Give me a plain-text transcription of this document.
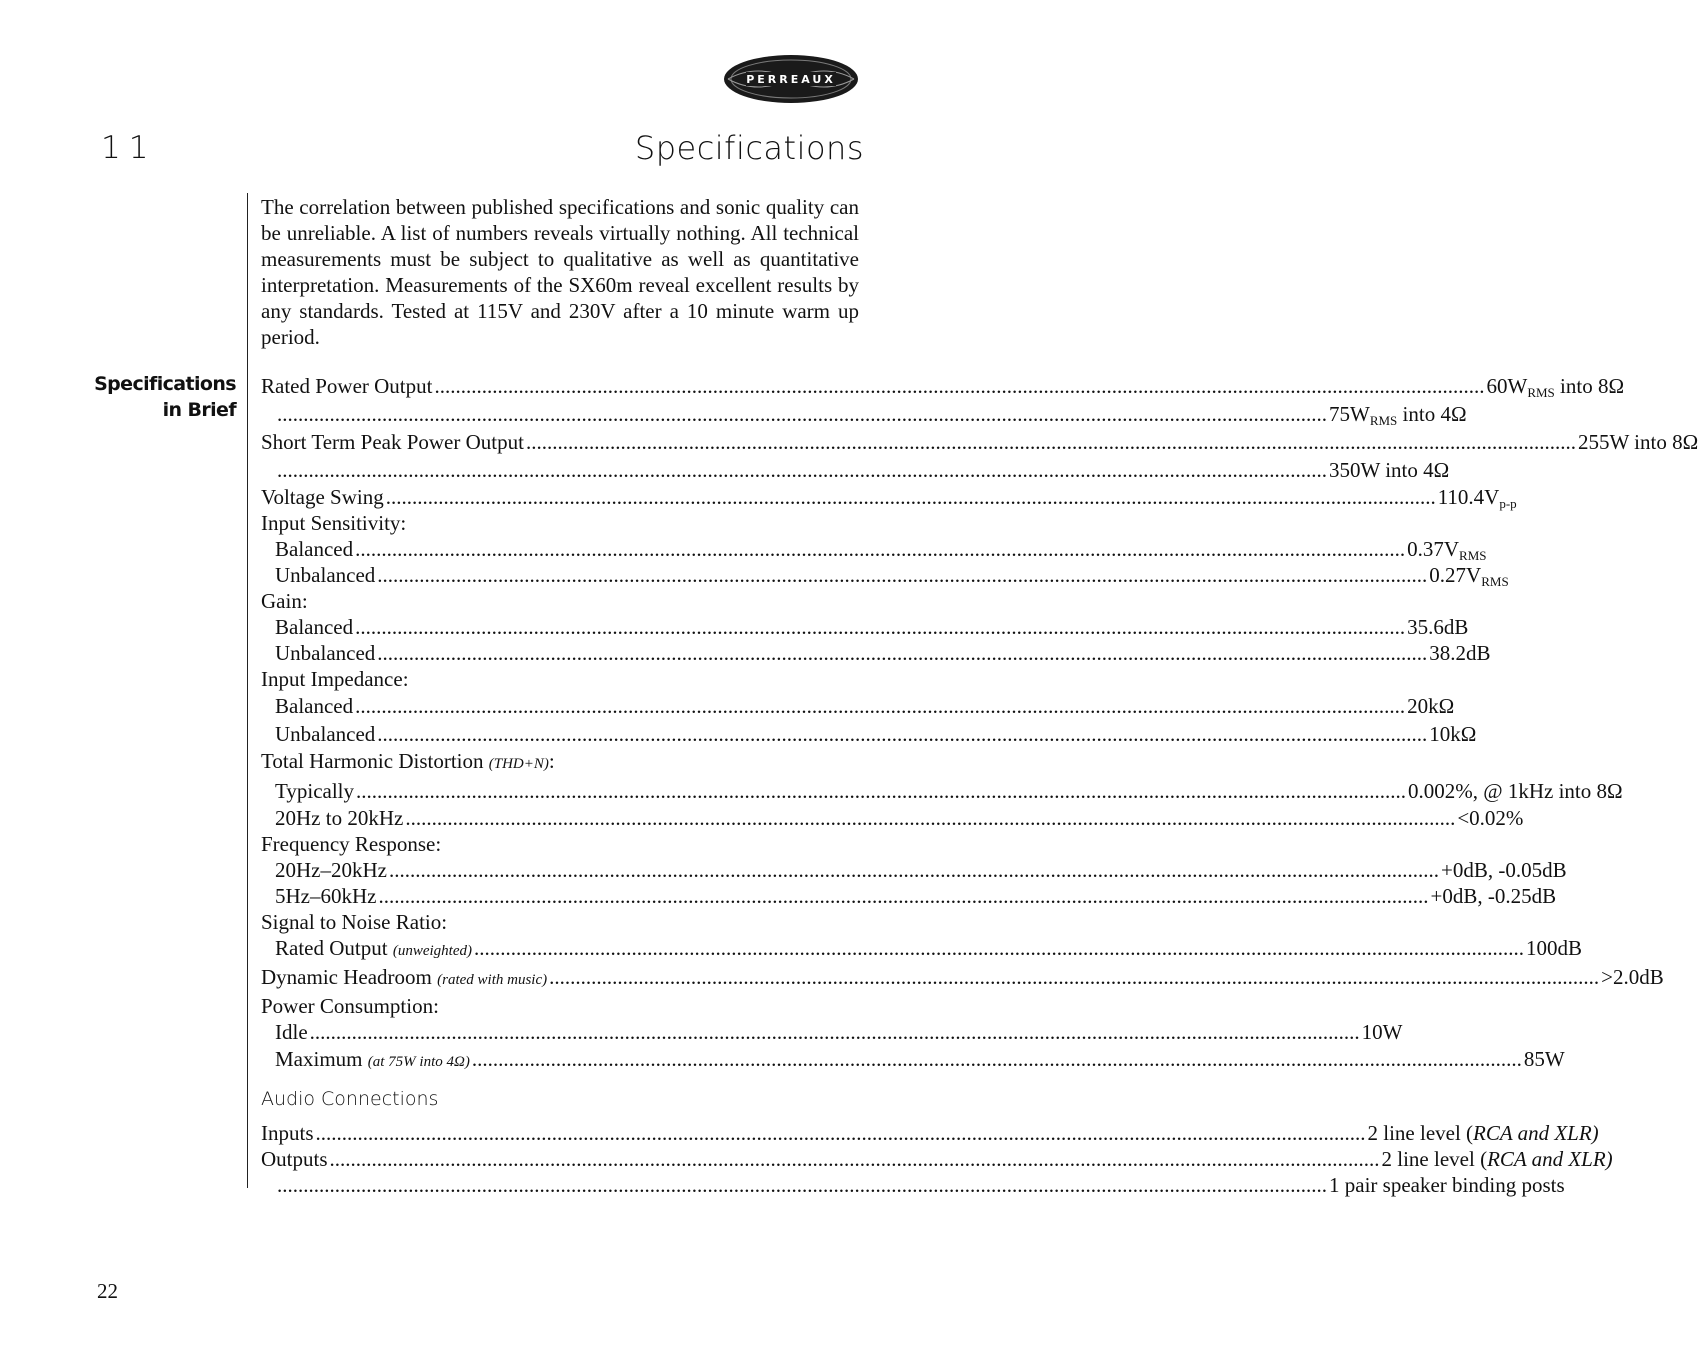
PERREAUX
11	Specifications
Specifications
in Brief

The correlation between published specifications and sonic quality can be unreliable. A list of numbers reveals virtually nothing. All technical measurements must be subject to qualitative as well as quantitative interpretation. Measurements of the SX60m reveal excellent results by any standards. Tested at 115V and 230V after a 10 minute warm up period.

Rated Power Output ........................................................................................................................................................................................................ $60W_{RMS}$ into 8Ω
........................................................................................................................................................................................................ $75W_{RMS}$ into 4Ω
Short Term Peak Power Output ........................................................................................................................................................................................................ 255W into 8Ω
........................................................................................................................................................................................................ 350W into 4Ω
Voltage Swing ........................................................................................................................................................................................................ $110.4V_{p-p}$
Input Sensitivity:
Balanced ........................................................................................................................................................................................................ $0.37V_{RMS}$
Unbalanced ........................................................................................................................................................................................................ $0.27V_{RMS}$
Gain:
Balanced ........................................................................................................................................................................................................ 35.6dB
Unbalanced ........................................................................................................................................................................................................ 38.2dB
Input Impedance:
Balanced ........................................................................................................................................................................................................ 20kΩ
Unbalanced ........................................................................................................................................................................................................ 10kΩ
Total Harmonic Distortion (THD+N):
Typically ........................................................................................................................................................................................................ 0.002%, @ 1kHz into 8Ω
20Hz to 20kHz ........................................................................................................................................................................................................ <0.02%
Frequency Response:
20Hz–20kHz ........................................................................................................................................................................................................ +0dB, -0.05dB
5Hz–60kHz ........................................................................................................................................................................................................ +0dB, -0.25dB
Signal to Noise Ratio:
Rated Output (unweighted) ........................................................................................................................................................................................................ 100dB
Dynamic Headroom (rated with music) ........................................................................................................................................................................................................ >2.0dB
Power Consumption:
Idle ........................................................................................................................................................................................................ 10W
Maximum (at 75W into 4Ω) ........................................................................................................................................................................................................ 85W
Audio Connections
Inputs ........................................................................................................................................................................................................ 2 line level (RCA and XLR)
Outputs ........................................................................................................................................................................................................ 2 line level (RCA and XLR)
........................................................................................................................................................................................................ 1 pair speaker binding posts
22
